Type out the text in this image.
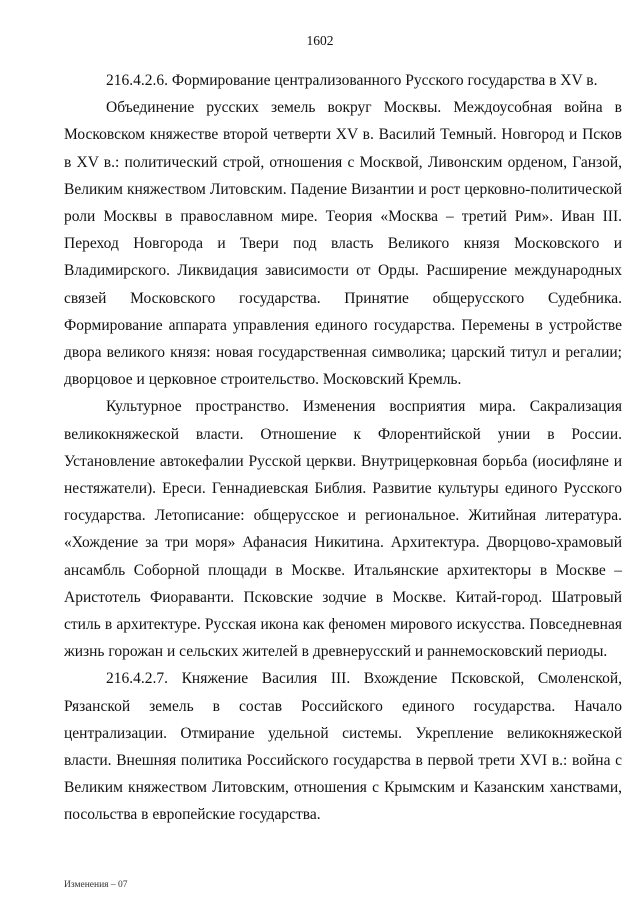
1602

216.4.2.6. Формирование централизованного Русского государства в XV в.

Объединение русских земель вокруг Москвы. Междоусобная война в Московском княжестве второй четверти XV в. Василий Темный. Новгород и Псков в XV в.: политический строй, отношения с Москвой, Ливонским орденом, Ганзой, Великим княжеством Литовским. Падение Византии и рост церковно-политической роли Москвы в православном мире. Теория «Москва – третий Рим». Иван III. Переход Новгорода и Твери под власть Великого князя Московского и Владимирского. Ликвидация зависимости от Орды. Расширение международных связей Московского государства. Принятие общерусского Судебника. Формирование аппарата управления единого государства. Перемены в устройстве двора великого князя: новая государственная символика; царский титул и регалии; дворцовое и церковное строительство. Московский Кремль.

Культурное пространство. Изменения восприятия мира. Сакрализация великокняжеской власти. Отношение к Флорентийской унии в России. Установление автокефалии Русской церкви. Внутрицерковная борьба (иосифляне и нестяжатели). Ереси. Геннадиевская Библия. Развитие культуры единого Русского государства. Летописание: общерусское и региональное. Житийная литература. «Хождение за три моря» Афанасия Никитина. Архитектура. Дворцово-храмовый ансамбль Соборной площади в Москве. Итальянские архитекторы в Москве – Аристотель Фиораванти. Псковские зодчие в Москве. Китай-город. Шатровый стиль в архитектуре. Русская икона как феномен мирового искусства. Повседневная жизнь горожан и сельских жителей в древнерусский и раннемосковский периоды.

216.4.2.7. Княжение Василия III. Вхождение Псковской, Смоленской, Рязанской земель в состав Российского единого государства. Начало централизации. Отмирание удельной системы. Укрепление великокняжеской власти. Внешняя политика Российского государства в первой трети XVI в.: война с Великим княжеством Литовским, отношения с Крымским и Казанским ханствами, посольства в европейские государства.

Изменения – 07
